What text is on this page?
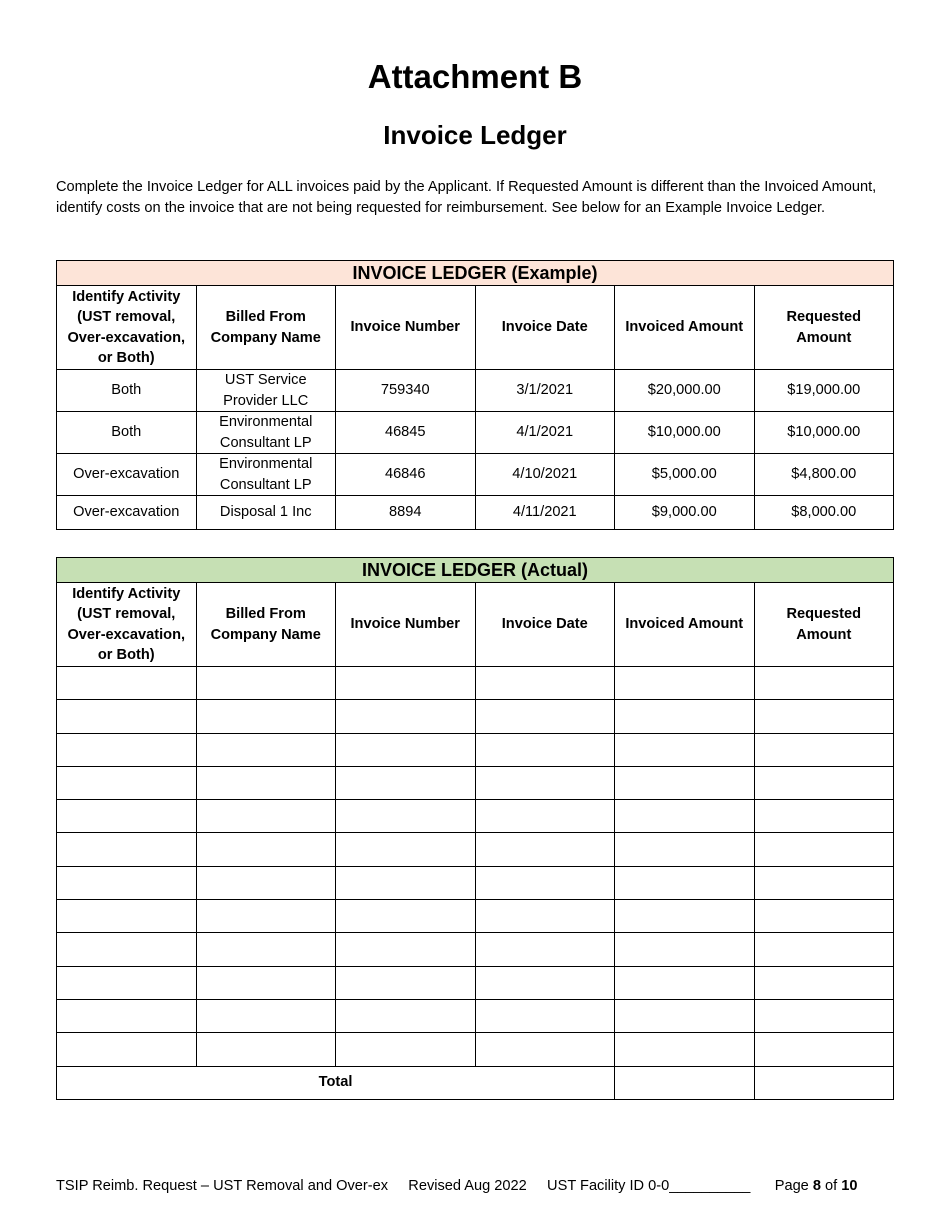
Attachment B
Invoice Ledger

Complete the Invoice Ledger for ALL invoices paid by the Applicant. If Requested Amount is different than the Invoiced Amount, identify costs on the invoice that are not being requested for reimbursement. See below for an Example Invoice Ledger.

INVOICE LEDGER (Example)					
Identify Activity (UST removal, Over-excavation, or Both)	Billed From Company Name	Invoice Number	Invoice Date	Invoiced Amount	Requested Amount
Both	UST Service Provider LLC	759340	3/1/2021	$20,000.00	$19,000.00
Both	Environmental Consultant LP	46845	4/1/2021	$10,000.00	$10,000.00
Over-excavation	Environmental Consultant LP	46846	4/10/2021	$5,000.00	$4,800.00
Over-excavation	Disposal 1 Inc	8894	4/11/2021	$9,000.00	$8,000.00
INVOICE LEDGER (Actual)					
Identify Activity (UST removal, Over-excavation, or Both)	Billed From Company Name	Invoice Number	Invoice Date	Invoiced Amount	Requested Amount

Total					
TSIP Reimb. Request – UST Removal and Over-ex Revised Aug 2022 UST Facility ID 0-0__________ Page 8 of 10
